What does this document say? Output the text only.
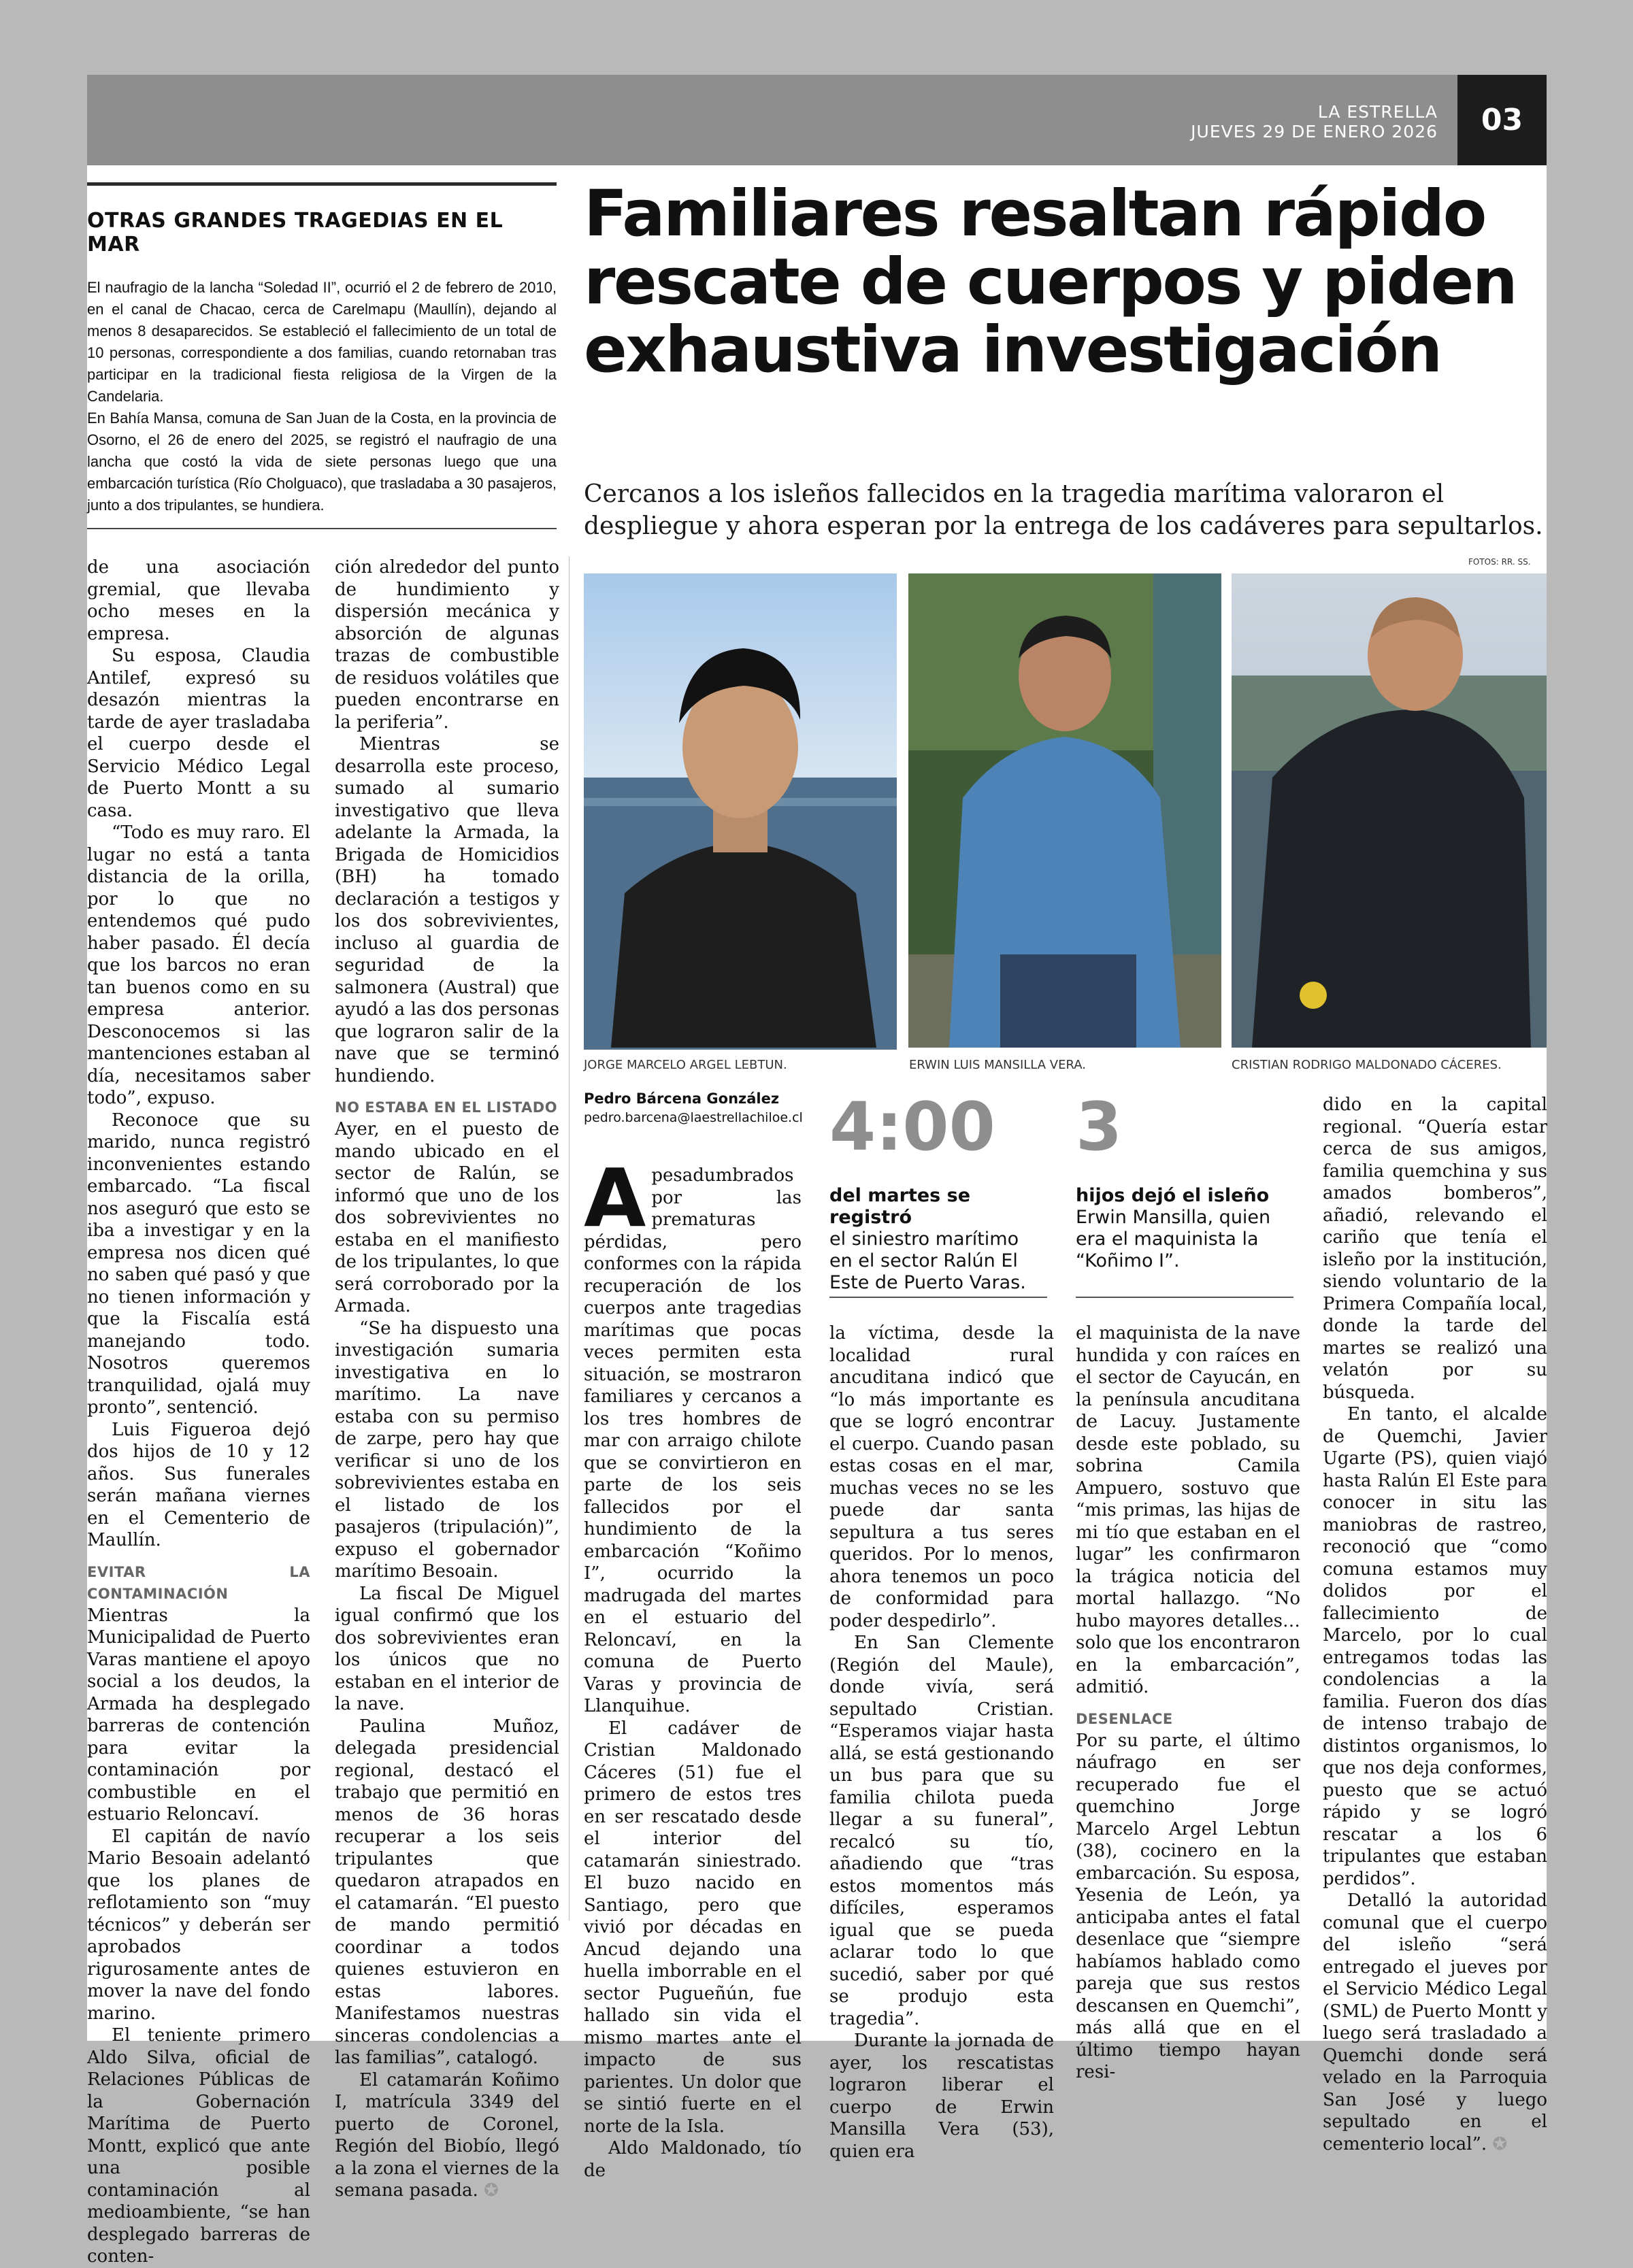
LA ESTRELLA
JUEVES 29 DE ENERO 2026	03
OTRAS GRANDES TRAGEDIAS EN EL MAR

El naufragio de la lancha “Soledad II”, ocurrió el 2 de febrero de 2010, en el canal de Chacao, cerca de Carelmapu (Maullín), dejando al menos 8 desaparecidos. Se estableció el fallecimiento de un total de 10 personas, correspondiente a dos familias, cuando retornaban tras participar en la tradicional fiesta religiosa de la Virgen de la Candelaria.

En Bahía Mansa, comuna de San Juan de la Costa, en la provincia de Osorno, el 26 de enero del 2025, se registró el naufragio de una lancha que costó la vida de siete personas luego que una embarcación turística (Río Cholguaco), que trasladaba a 30 pasajeros, junto a dos tripulantes, se hundiera.

de una asociación gremial, que llevaba ocho meses en la empresa.

Su esposa, Claudia Antilef, expresó su desazón mientras la tarde de ayer trasladaba el cuerpo desde el Servicio Médico Legal de Puerto Montt a su casa.

“Todo es muy raro. El lugar no está a tanta distancia de la orilla, por lo que no entendemos qué pudo haber pasado. Él decía que los barcos no eran tan buenos como en su empresa anterior. Desconocemos si las mantenciones estaban al día, necesitamos saber todo”, expuso.

Reconoce que su marido, nunca registró inconvenientes estando embarcado. “La fiscal nos aseguró que esto se iba a investigar y en la empresa nos dicen qué no saben qué pasó y que no tienen información y que la Fiscalía está manejando todo. Nosotros queremos tranquilidad, ojalá muy pronto”, sentenció.

Luis Figueroa dejó dos hijos de 10 y 12 años. Sus funerales serán mañana viernes en el Cementerio de Maullín.

EVITAR LA CONTAMINACIÓN

Mientras la Municipalidad de Puerto Varas mantiene el apoyo social a los deudos, la Armada ha desplegado barreras de contención para evitar la contaminación por combustible en el estuario Reloncaví.

El capitán de navío Mario Besoain adelantó que los planes de reflotamiento son “muy técnicos” y deberán ser aprobados rigurosamente antes de mover la nave del fondo marino.

El teniente primero Aldo Silva, oficial de Relaciones Públicas de la Gobernación Marítima de Puerto Montt, explicó que ante una posible contaminación al medioambiente, “se han desplegado barreras de conten-

ción alrededor del punto de hundimiento y dispersión mecánica y absorción de algunas trazas de combustible de residuos volátiles que pueden encontrarse en la periferia”.

Mientras se desarrolla este proceso, sumado al sumario investigativo que lleva adelante la Armada, la Brigada de Homicidios (BH) ha tomado declaración a testigos y los dos sobrevivientes, incluso al guardia de seguridad de la salmonera (Austral) que ayudó a las dos personas que lograron salir de la nave que se terminó hundiendo.

NO ESTABA EN EL LISTADO

Ayer, en el puesto de mando ubicado en el sector de Ralún, se informó que uno de los dos sobrevivientes no estaba en el manifiesto de los tripulantes, lo que será corroborado por la Armada.

“Se ha dispuesto una investigación sumaria investigativa en lo marítimo. La nave estaba con su permiso de zarpe, pero hay que verificar si uno de los sobrevivientes estaba en el listado de los pasajeros (tripulación)”, expuso el gobernador marítimo Besoain.

La fiscal De Miguel igual confirmó que los dos sobrevivientes eran los únicos que no estaban en el interior de la nave.

Paulina Muñoz, delegada presidencial regional, destacó el trabajo que permitió en menos de 36 horas recuperar a los seis tripulantes que quedaron atrapados en el catamarán. “El puesto de mando permitió coordinar a todos quienes estuvieron en estas labores. Manifestamos nuestras sinceras condolencias a las familias”, catalogó.

El catamarán Koñimo I, matrícula 3349 del puerto de Coronel, Región del Biobío, llegó a la zona el viernes de la semana pasada. ✪

Familiares resaltan rápido rescate de cuerpos y piden exhaustiva investigación
Cercanos a los isleños fallecidos en la tragedia marítima valoraron el despliegue y ahora esperan por la entrega de los cadáveres para sepultarlos.
FOTOS: RR. SS.
JORGE MARCELO ARGEL LEBTUN.	ERWIN LUIS MANSILLA VERA.	CRISTIAN RODRIGO MALDONADO CÁCERES.
Pedro Bárcena González
pedro.barcena@laestrellachiloe.cl
A pesadumbrados por las prematuras pérdidas, pero conformes con la rápida recuperación de los cuerpos ante tragedias marítimas que pocas veces permiten esta situación, se mostraron familiares y cercanos a los tres hombres de mar con arraigo chilote que se convirtieron en parte de los seis fallecidos por el hundimiento de la embarcación “Koñimo I”, ocurrido la madrugada del martes en el estuario del Reloncaví, en la comuna de Puerto Varas y provincia de Llanquihue.

El cadáver de Cristian Maldonado Cáceres (51) fue el primero de estos tres en ser rescatado desde el interior del catamarán siniestrado. El buzo nacido en Santiago, pero que vivió por décadas en Ancud dejando una huella imborrable en el sector Pugueñún, fue hallado sin vida el mismo martes ante el impacto de sus parientes. Un dolor que se sintió fuerte en el norte de la Isla.

Aldo Maldonado, tío de

4:00
del martes se registró
el siniestro marítimo en el sector Ralún El Este de Puerto Varas.
3
hijos dejó el isleño
Erwin Mansilla, quien era el maquinista la “Koñimo I”.

la víctima, desde la localidad rural ancuditana indicó que “lo más importante es que se logró encontrar el cuerpo. Cuando pasan estas cosas en el mar, muchas veces no se les puede dar santa sepultura a tus seres queridos. Por lo menos, ahora tenemos un poco de conformidad para poder despedirlo”.

En San Clemente (Región del Maule), donde vivía, será sepultado Cristian. “Esperamos viajar hasta allá, se está gestionando un bus para que su familia chilota pueda llegar a su funeral”, recalcó su tío, añadiendo que “tras estos momentos más difíciles, esperamos igual que se pueda aclarar todo lo que sucedió, saber por qué se produjo esta tragedia”.

Durante la jornada de ayer, los rescatistas lograron liberar el cuerpo de Erwin Mansilla Vera (53), quien era

el maquinista de la nave hundida y con raíces en el sector de Cayucán, en la península ancuditana de Lacuy. Justamente desde este poblado, su sobrina Camila Ampuero, sostuvo que “mis primas, las hijas de mi tío que estaban en el lugar” les confirmaron la trágica noticia del mortal hallazgo. “No hubo mayores detalles… solo que los encontraron en la embarcación”, admitió.

DESENLACE

Por su parte, el último náufrago en ser recuperado fue el quemchino Jorge Marcelo Argel Lebtun (38), cocinero en la embarcación. Su esposa, Yesenia de León, ya anticipaba antes el fatal desenlace que “siempre habíamos hablado como pareja que sus restos descansen en Quemchi”, más allá que en el último tiempo hayan resi-

dido en la capital regional. “Quería estar cerca de sus amigos, familia quemchina y sus amados bomberos”, añadió, relevando el cariño que tenía el isleño por la institución, siendo voluntario de la Primera Compañía local, donde la tarde del martes se realizó una velatón por su búsqueda.

En tanto, el alcalde de Quemchi, Javier Ugarte (PS), quien viajó hasta Ralún El Este para conocer in situ las maniobras de rastreo, reconoció que “como comuna estamos muy dolidos por el fallecimiento de Marcelo, por lo cual entregamos todas las condolencias a la familia. Fueron dos días de intenso trabajo de distintos organismos, lo que nos deja conformes, puesto que se actuó rápido y se logró rescatar a los 6 tripulantes que estaban perdidos”.

Detalló la autoridad comunal que el cuerpo del isleño “será entregado el jueves por el Servicio Médico Legal (SML) de Puerto Montt y luego será trasladado a Quemchi donde será velado en la Parroquia San José y luego sepultado en el cementerio local”. ✪
